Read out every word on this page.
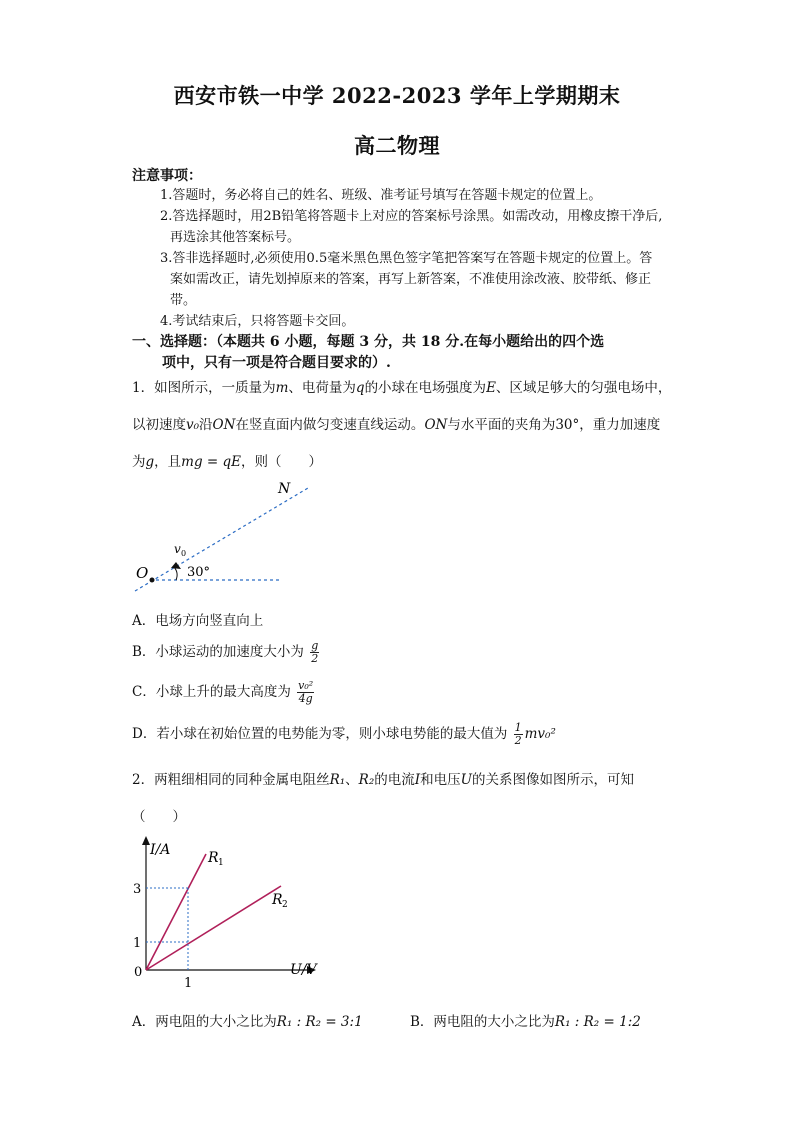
西安市铁一中学 2022-2023 学年上学期期末
高二物理
注意事项：
1.答题时，务必将自己的姓名、班级、准考证号填写在答题卡规定的位置上。
2.答选择题时，用2B铅笔将答题卡上对应的答案标号涂黑。如需改动，用橡皮擦干净后,再选涂其他答案标号。
3.答非选择题时,必须使用0.5毫米黑色黑色签字笔把答案写在答题卡规定的位置上。答案如需改正，请先划掉原来的答案，再写上新答案，不准使用涂改液、胶带纸、修正带。
4.考试结束后，只将答题卡交回。
一、选择题：（本题共 6 小题，每题 3 分，共 18 分.在每小题给出的四个选
项中，只有一项是符合题目要求的）.
1．如图所示，一质量为m、电荷量为q的小球在电场强度为E、区域足够大的匀强电场中，以初速度v₀沿ON在竖直面内做匀变速直线运动。ON与水平面的夹角为30°，重力加速度为g，且mg = qE，则（　　）
O
N
v 0
30°
A．电场方向竖直向上
B．小球运动的加速度大小为 $\frac{g}{2}$
C．小球上升的最大高度为 $\frac{\text{v₀²}}{4g}$
D．若小球在初始位置的电势能为零，则小球电势能的最大值为 $\frac{1}{2} mv_0^2$
2．两粗细相同的同种金属电阻丝R₁、R₂的电流I和电压U的关系图像如图所示，可知
（　　）
I/A
U/V
R 1
R 2
3
1
0
1
A．两电阻的大小之比为R₁ : R₂ = 3:1	B．两电阻的大小之比为R₁ : R₂ = 1:2
